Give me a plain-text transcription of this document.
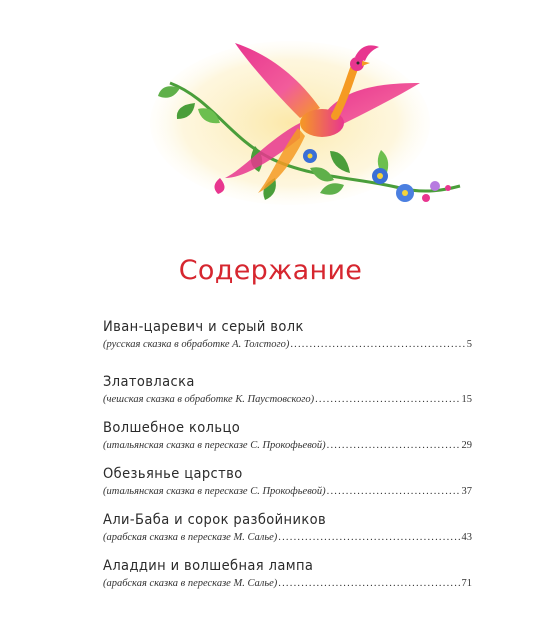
Содержание
Иван-царевич и серый волк
(русская сказка в обработке А. Толстого) .....	5
Златовласка
(чешская сказка в обработке К. Паустовского) .....	15
Волшебное кольцо
(итальянская сказка в пересказе С. Прокофьевой) .....	29
Обезьянье царство
(итальянская сказка в пересказе С. Прокофьевой) .....	37
Али-Баба и сорок разбойников
(арабская сказка в пересказе М. Салье) .....	43
Аладдин и волшебная лампа
(арабская сказка в пересказе М. Салье) .....	71
